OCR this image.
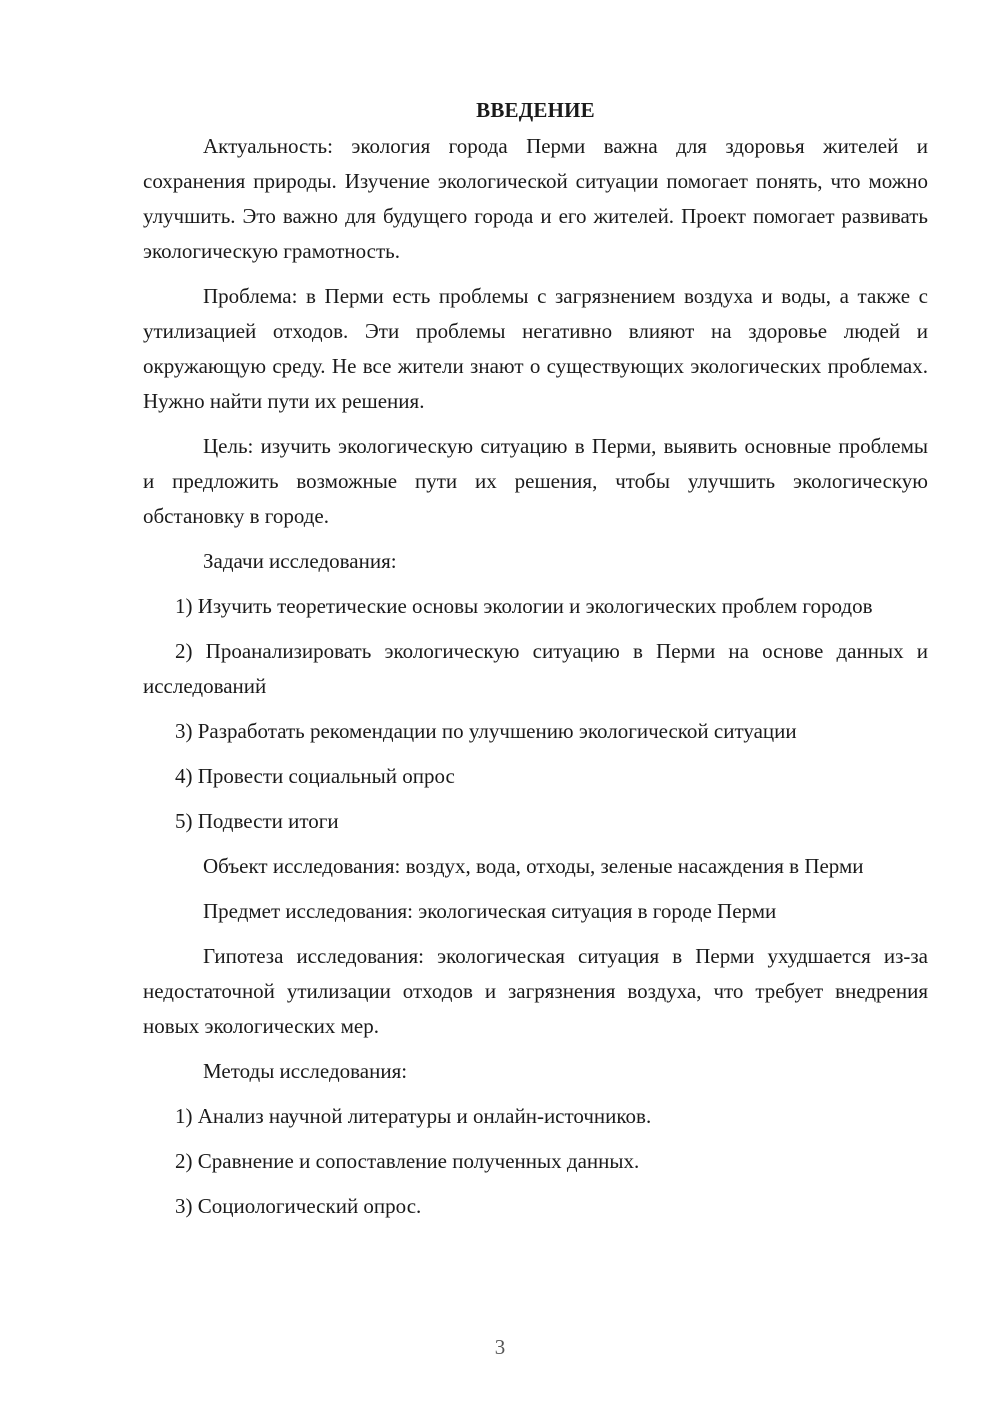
ВВЕДЕНИЕ

Актуальность: экология города Перми важна для здоровья жителей и сохранения природы. Изучение экологической ситуации помогает понять, что можно улучшить. Это важно для будущего города и его жителей. Проект помогает развивать экологическую грамотность.

Проблема: в Перми есть проблемы с загрязнением воздуха и воды, а также с утилизацией отходов. Эти проблемы негативно влияют на здоровье людей и окружающую среду. Не все жители знают о существующих экологических проблемах. Нужно найти пути их решения.

Цель: изучить экологическую ситуацию в Перми, выявить основные проблемы и предложить возможные пути их решения, чтобы улучшить экологическую обстановку в городе.

Задачи исследования:

1) Изучить теоретические основы экологии и экологических проблем городов

2) Проанализировать экологическую ситуацию в Перми на основе данных и исследований

3) Разработать рекомендации по улучшению экологической ситуации

4) Провести социальный опрос

5) Подвести итоги

Объект исследования: воздух, вода, отходы, зеленые насаждения в Перми

Предмет исследования: экологическая ситуация в городе Перми

Гипотеза исследования: экологическая ситуация в Перми ухудшается из-за недостаточной утилизации отходов и загрязнения воздуха, что требует внедрения новых экологических мер.

Методы исследования:

1) Анализ научной литературы и онлайн-источников.

2) Сравнение и сопоставление полученных данных.

3) Социологический опрос.

3
